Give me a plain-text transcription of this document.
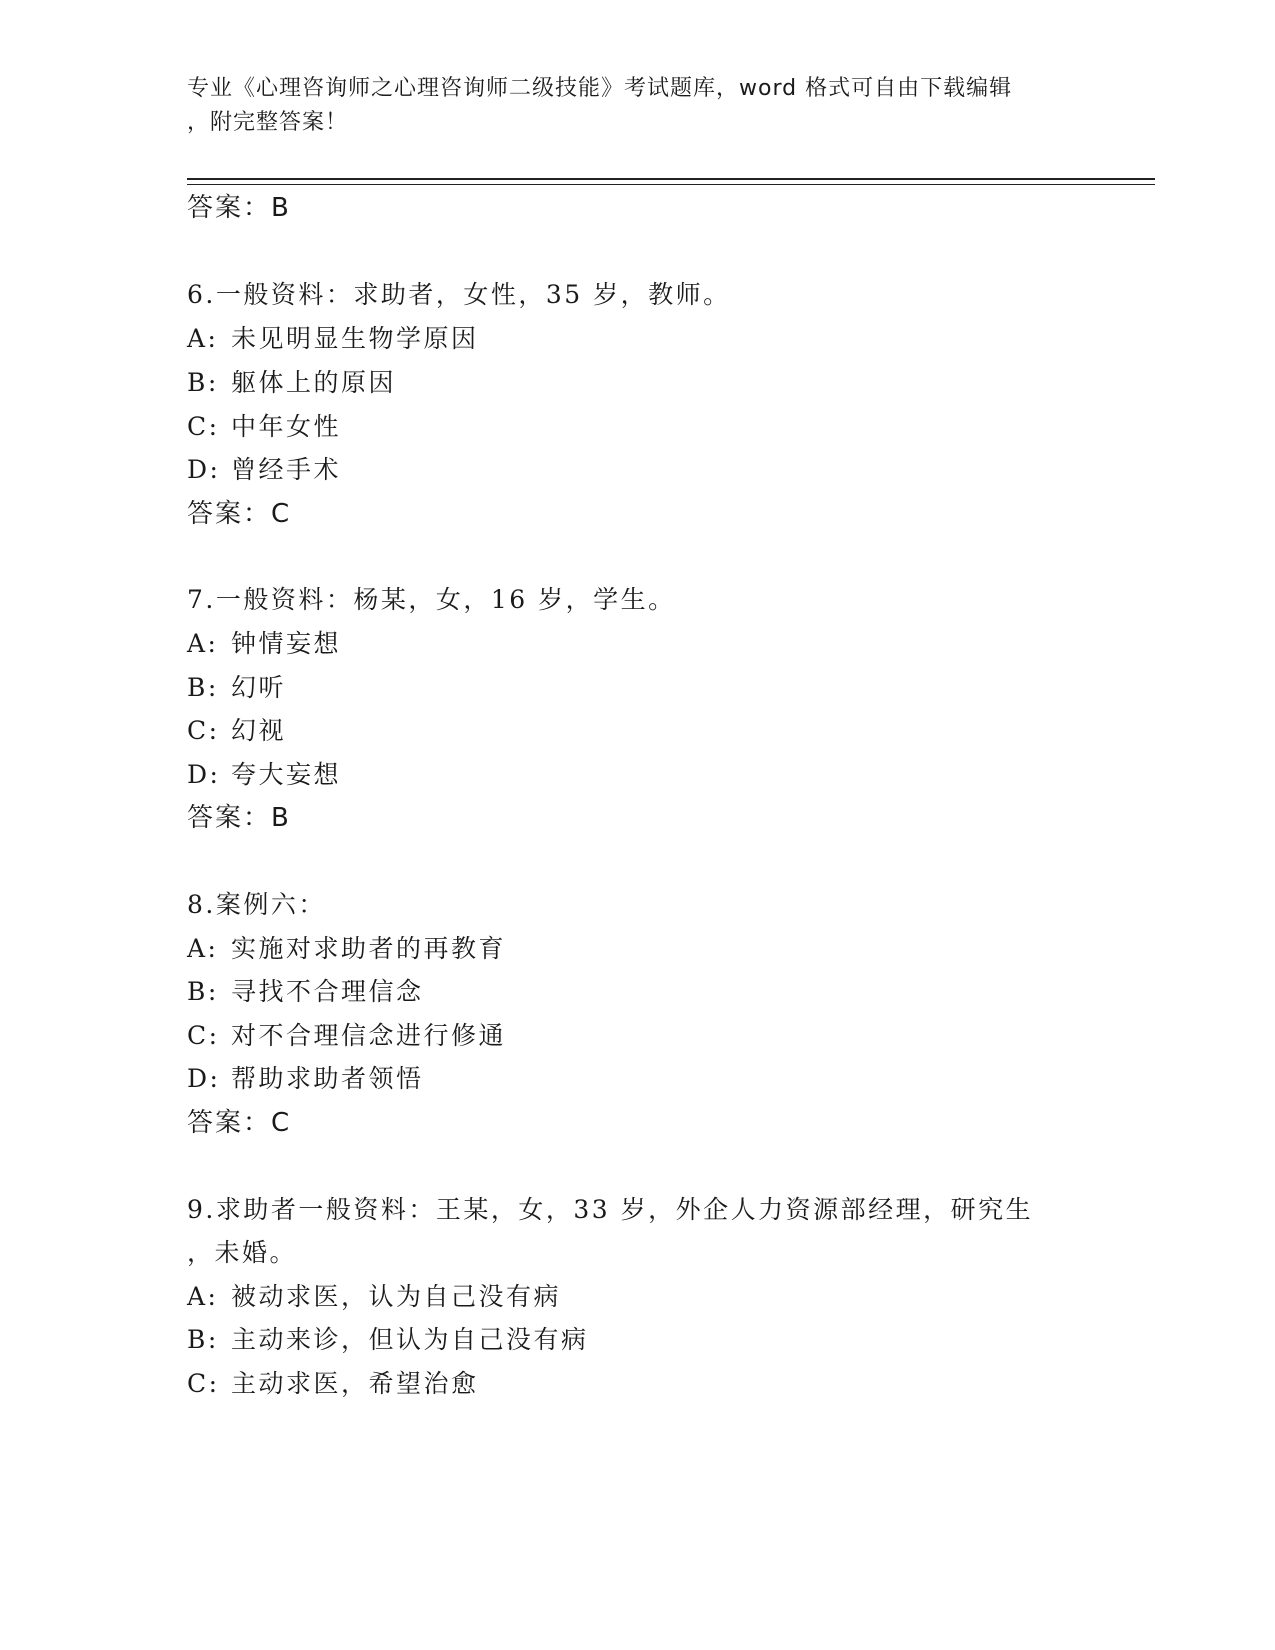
专业《心理咨询师之心理咨询师二级技能》考试题库，word 格式可自由下载编辑
，附完整答案！
答案：B
6.一般资料：求助者，女性，35 岁，教师。
A: 未见明显生物学原因
B: 躯体上的原因
C: 中年女性
D: 曾经手术
答案：C
7.一般资料：杨某，女，16 岁，学生。
A: 钟情妄想
B: 幻听
C: 幻视
D: 夸大妄想
答案：B
8.案例六：
A: 实施对求助者的再教育
B: 寻找不合理信念
C: 对不合理信念进行修通
D: 帮助求助者领悟
答案：C
9.求助者一般资料：王某，女，33 岁，外企人力资源部经理，研究生
，未婚。
A: 被动求医，认为自己没有病
B: 主动来诊，但认为自己没有病
C: 主动求医，希望治愈
